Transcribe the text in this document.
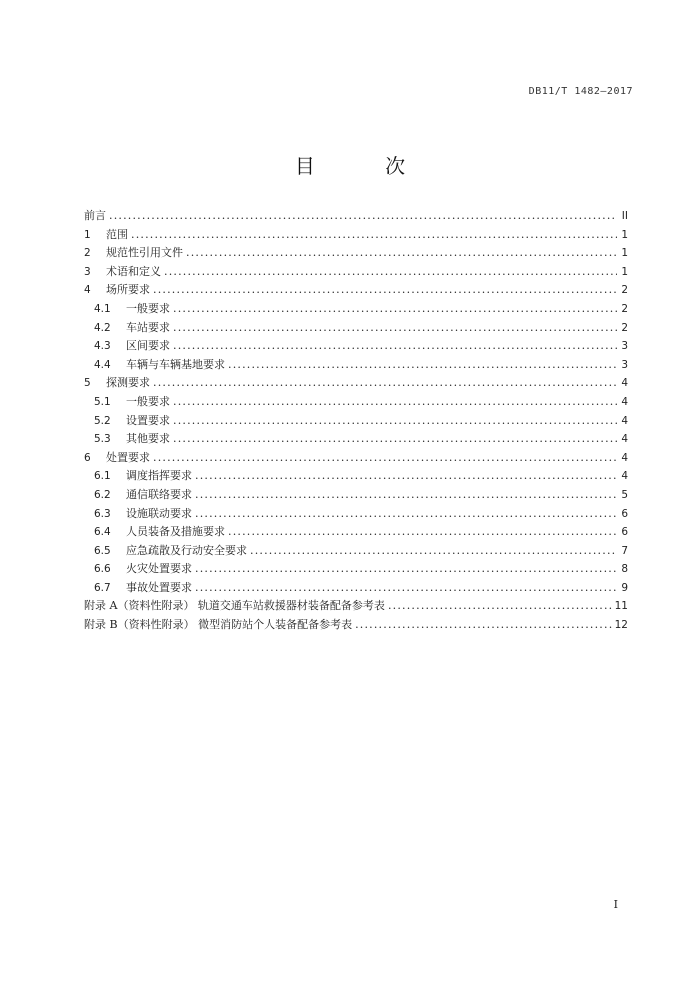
DB11/T 1482—2017
目 次
前言 .....	II
1	范围 .....	1
2	规范性引用文件 .....	1
3	术语和定义 .....	1
4	场所要求 .....	2
4.1	一般要求 .....	2
4.2	车站要求 .....	2
4.3	区间要求 .....	3
4.4	车辆与车辆基地要求 .....	3
5	探测要求 .....	4
5.1	一般要求 .....	4
5.2	设置要求 .....	4
5.3	其他要求 .....	4
6	处置要求 .....	4
6.1	调度指挥要求 .....	4
6.2	通信联络要求 .....	5
6.3	设施联动要求 .....	6
6.4	人员装备及措施要求 .....	6
6.5	应急疏散及行动安全要求 .....	7
6.6	火灾处置要求 .....	8
6.7	事故处置要求 .....	9
附录 A（资料性附录） 轨道交通车站救援器材装备配备参考表 .....	11
附录 B（资料性附录） 微型消防站个人装备配备参考表 .....	12
I
